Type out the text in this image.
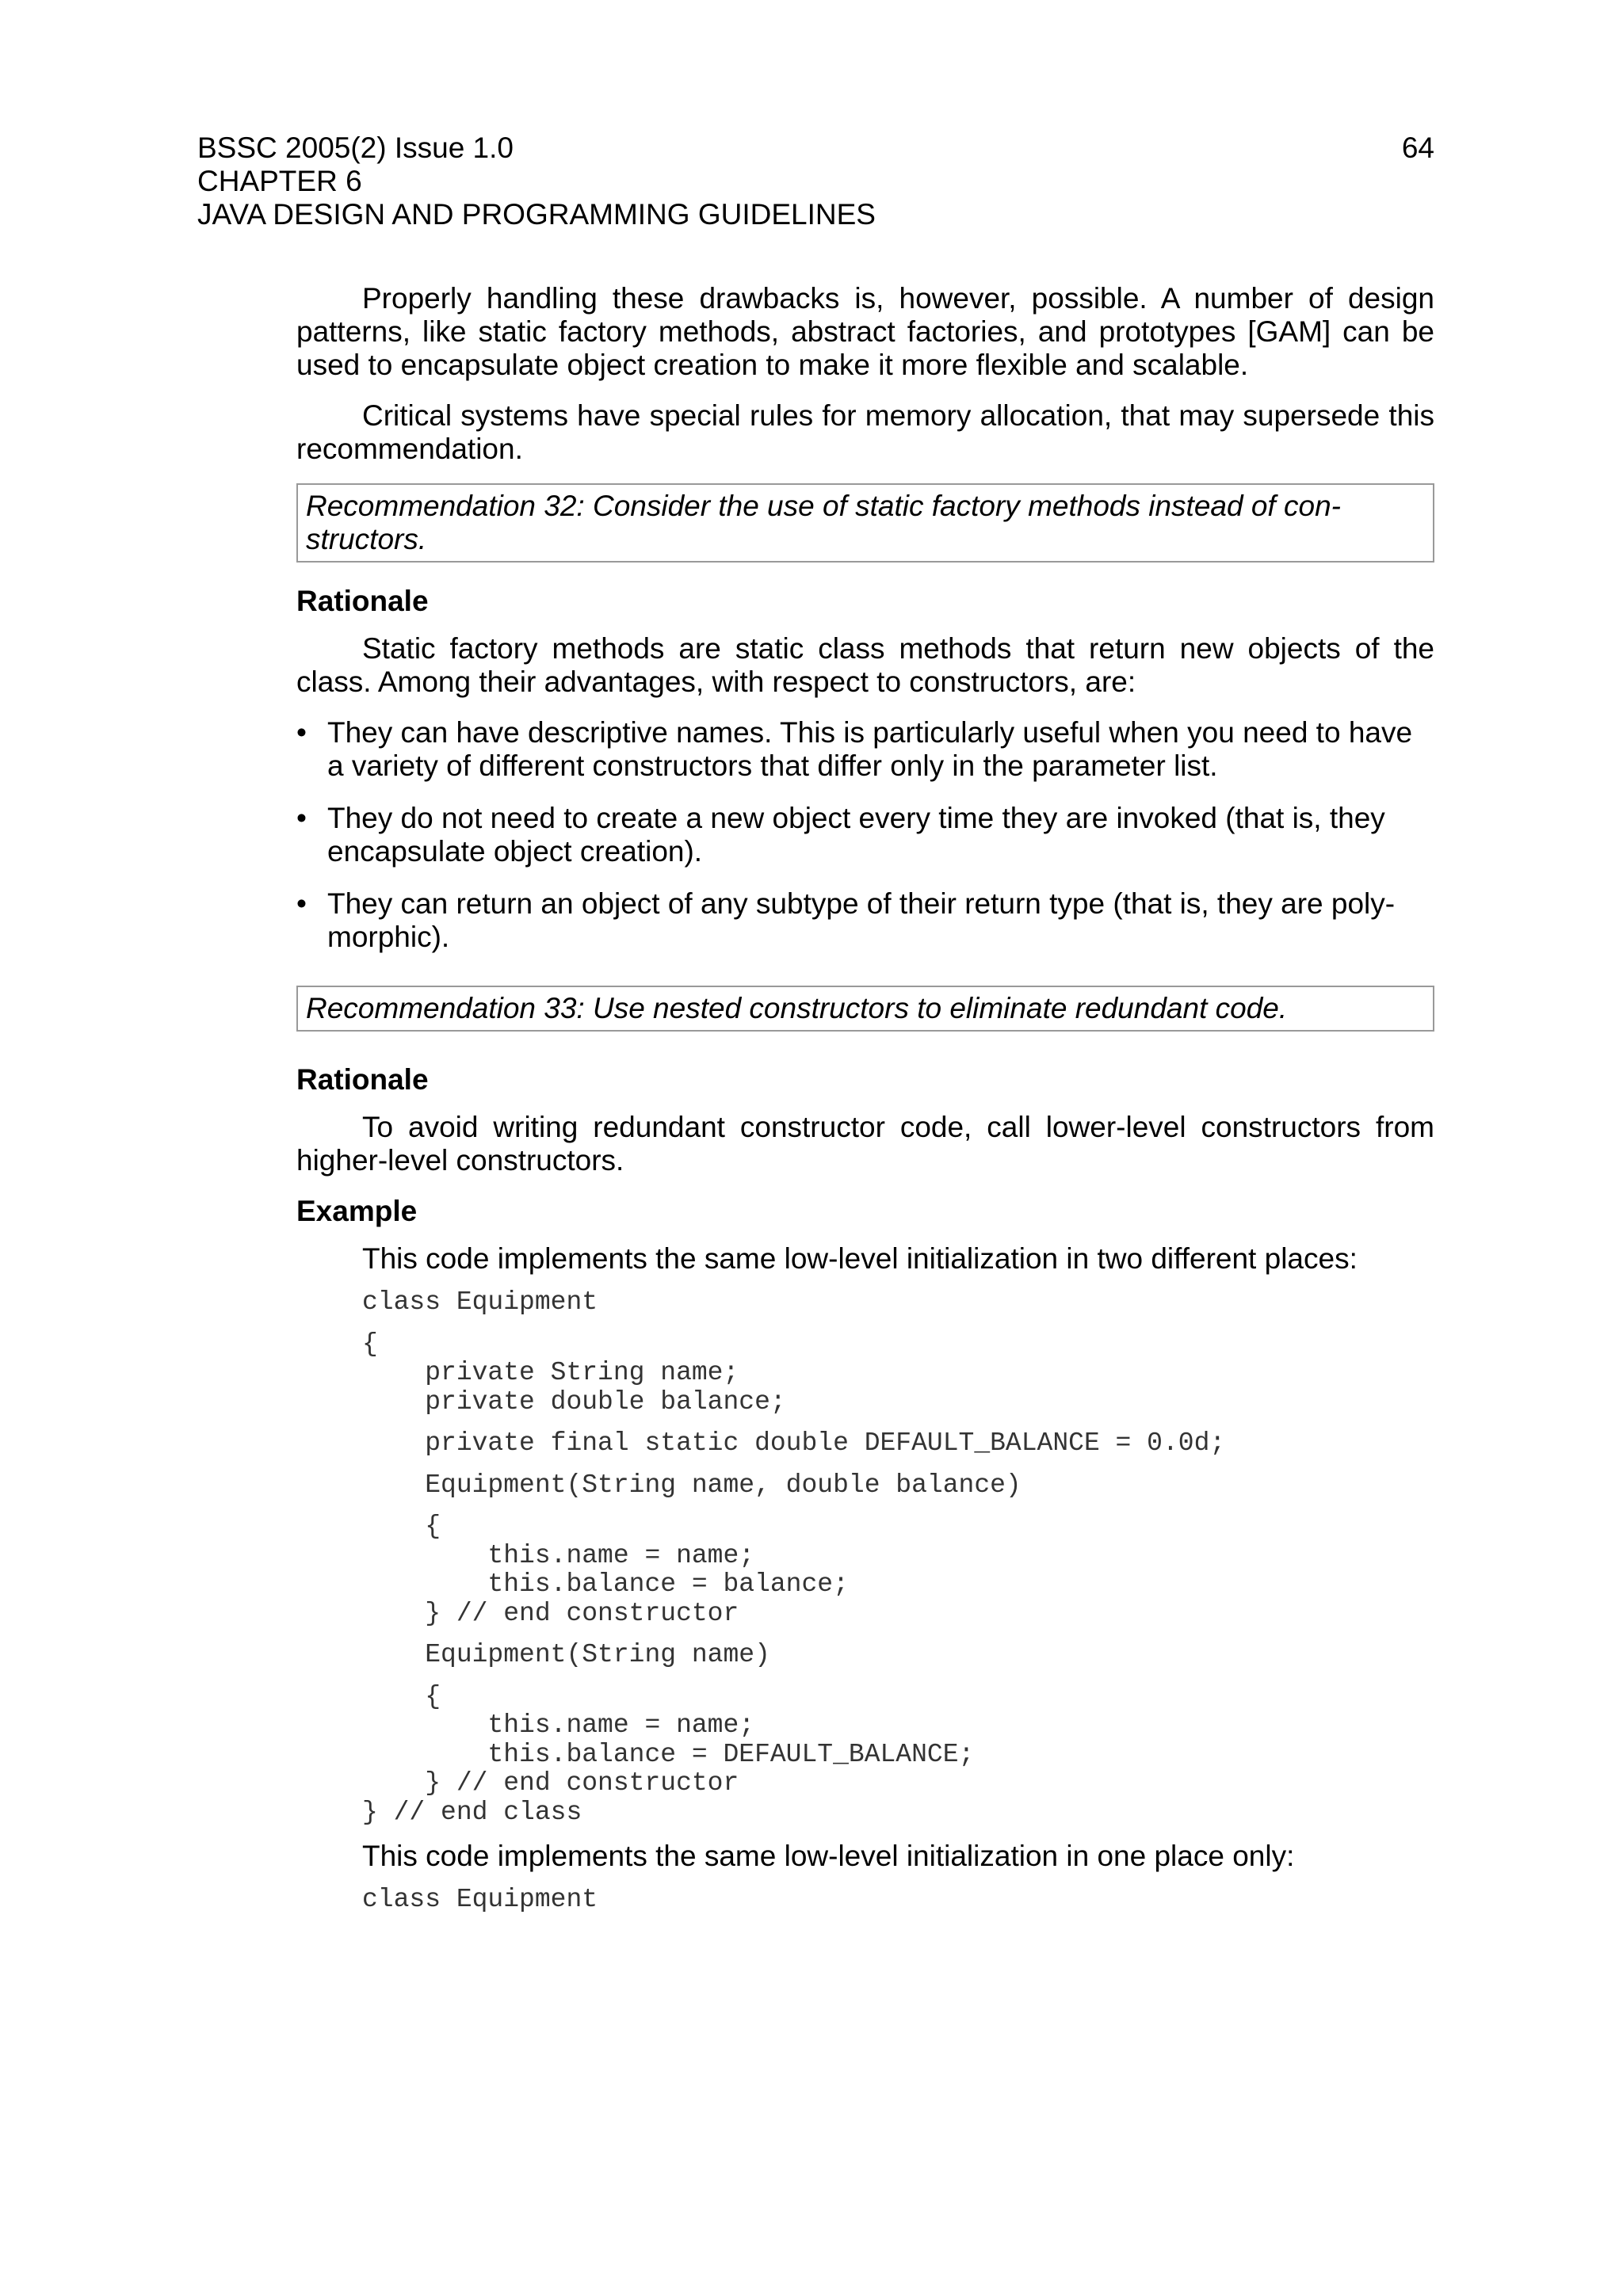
BSSC 2005(2) Issue 1.0
CHAPTER 6
JAVA DESIGN AND PROGRAMMING GUIDELINES
64

Properly handling these drawbacks is, however, possible. A number of design patterns, like static factory methods, abstract factories, and prototypes [GAM] can be used to encapsulate object creation to make it more flexible and scalable.

Critical systems have special rules for memory allocation, that may supersede this recommendation.

Recommendation 32: Consider the use of static factory methods instead of con-structors.
Rationale

Static factory methods are static class methods that return new objects of the class. Among their advantages, with respect to constructors, are:

• They can have descriptive names. This is particularly useful when you need to have a variety of different constructors that differ only in the parameter list.
• They do not need to create a new object every time they are invoked (that is, they encapsulate object creation).
• They can return an object of any subtype of their return type (that is, they are poly-morphic).
Recommendation 33: Use nested constructors to eliminate redundant code.
Rationale

To avoid writing redundant constructor code, call lower-level constructors from higher-level constructors.

Example

This code implements the same low-level initialization in two different places:

class Equipment
{
private String name;
private double balance;
private final static double DEFAULT_BALANCE = 0.0d;
Equipment(String name, double balance)
{
this.name = name;
this.balance = balance;
} // end constructor
Equipment(String name)
{
this.name = name;
this.balance = DEFAULT_BALANCE;
} // end constructor
} // end class

This code implements the same low-level initialization in one place only:

class Equipment
